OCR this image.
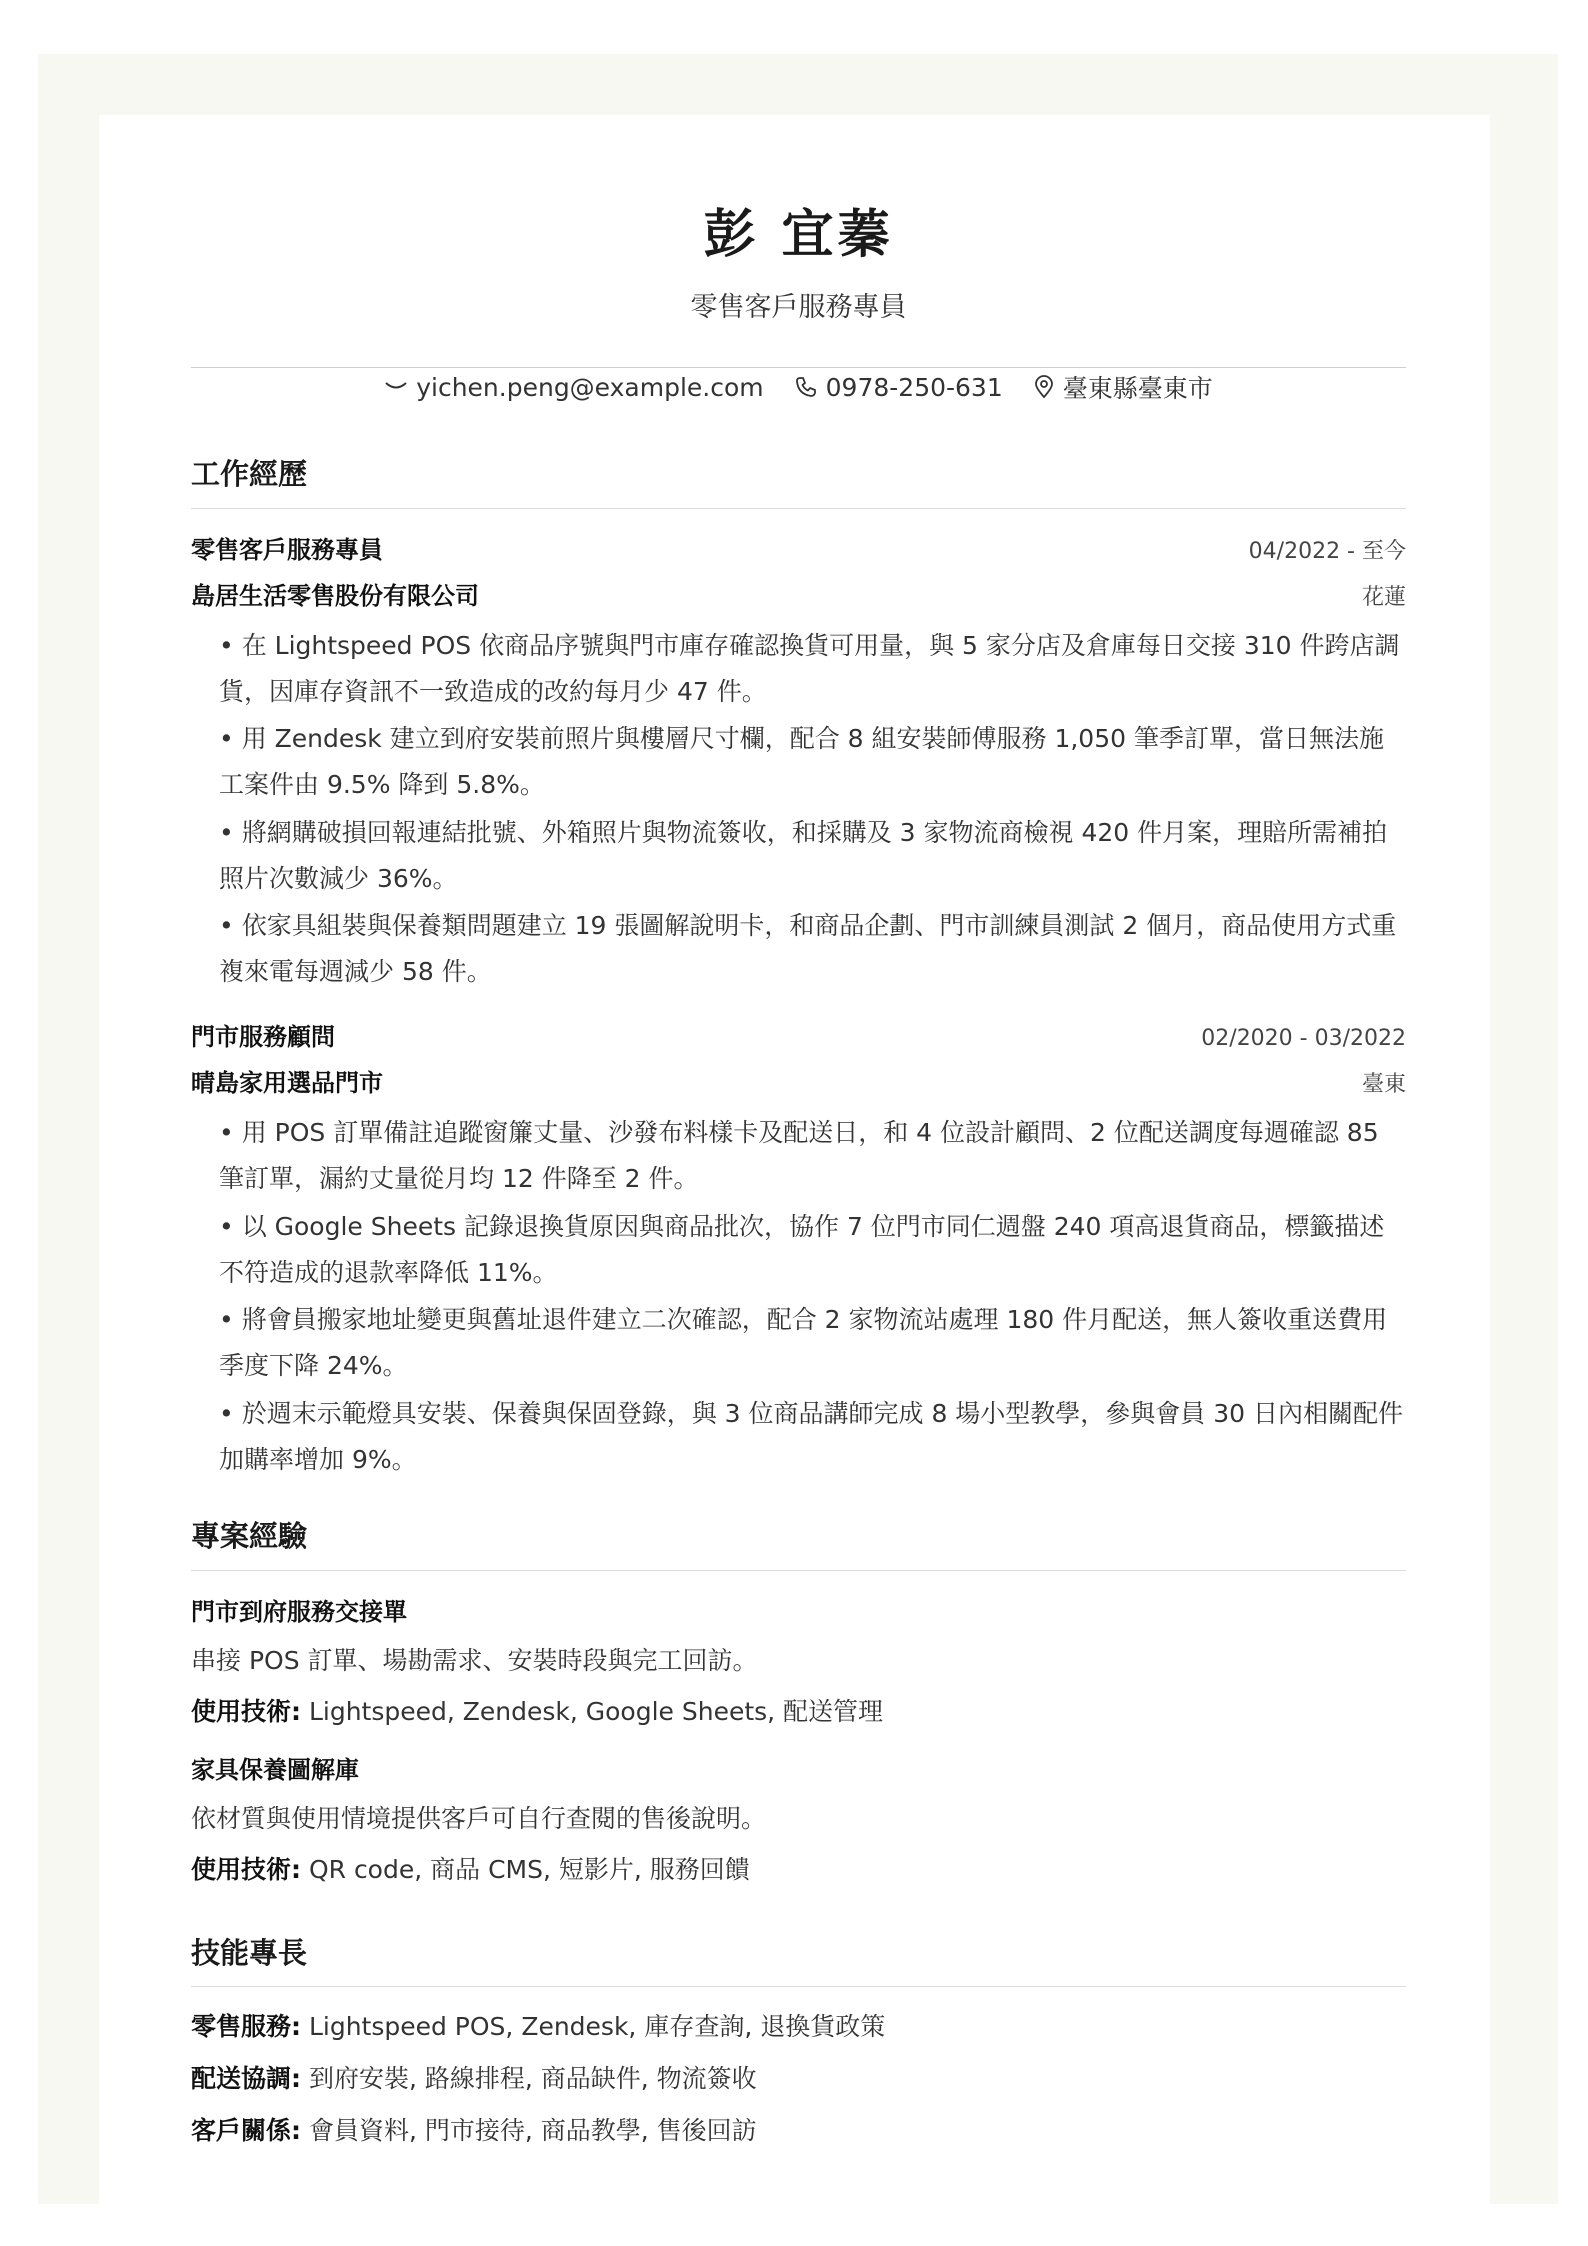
彭 宜蓁
零售客戶服務專員
yichen.peng@example.com 0978-250-631 臺東縣臺東市
工作經歷
零售客戶服務專員	04/2022 - 至今
島居生活零售股份有限公司	花蓮
• 在 Lightspeed POS 依商品序號與門市庫存確認換貨可用量，與 5 家分店及倉庫每日交接 310 件跨店調貨，因庫存資訊不一致造成的改約每月少 47 件。
• 用 Zendesk 建立到府安裝前照片與樓層尺寸欄，配合 8 組安裝師傅服務 1,050 筆季訂單，當日無法施工案件由 9.5% 降到 5.8%。
• 將網購破損回報連結批號、外箱照片與物流簽收，和採購及 3 家物流商檢視 420 件月案，理賠所需補拍照片次數減少 36%。
• 依家具組裝與保養類問題建立 19 張圖解說明卡，和商品企劃、門市訓練員測試 2 個月，商品使用方式重複來電每週減少 58 件。
門市服務顧問	02/2020 - 03/2022
晴島家用選品門市	臺東
• 用 POS 訂單備註追蹤窗簾丈量、沙發布料樣卡及配送日，和 4 位設計顧問、2 位配送調度每週確認 85 筆訂單，漏約丈量從月均 12 件降至 2 件。
• 以 Google Sheets 記錄退換貨原因與商品批次，協作 7 位門市同仁週盤 240 項高退貨商品，標籤描述不符造成的退款率降低 11%。
• 將會員搬家地址變更與舊址退件建立二次確認，配合 2 家物流站處理 180 件月配送，無人簽收重送費用季度下降 24%。
• 於週末示範燈具安裝、保養與保固登錄，與 3 位商品講師完成 8 場小型教學，參與會員 30 日內相關配件加購率增加 9%。
專案經驗
門市到府服務交接單
串接 POS 訂單、場勘需求、安裝時段與完工回訪。
使用技術: Lightspeed, Zendesk, Google Sheets, 配送管理
家具保養圖解庫
依材質與使用情境提供客戶可自行查閱的售後說明。
使用技術: QR code, 商品 CMS, 短影片, 服務回饋
技能專長
零售服務: Lightspeed POS, Zendesk, 庫存查詢, 退換貨政策
配送協調: 到府安裝, 路線排程, 商品缺件, 物流簽收
客戶關係: 會員資料, 門市接待, 商品教學, 售後回訪
